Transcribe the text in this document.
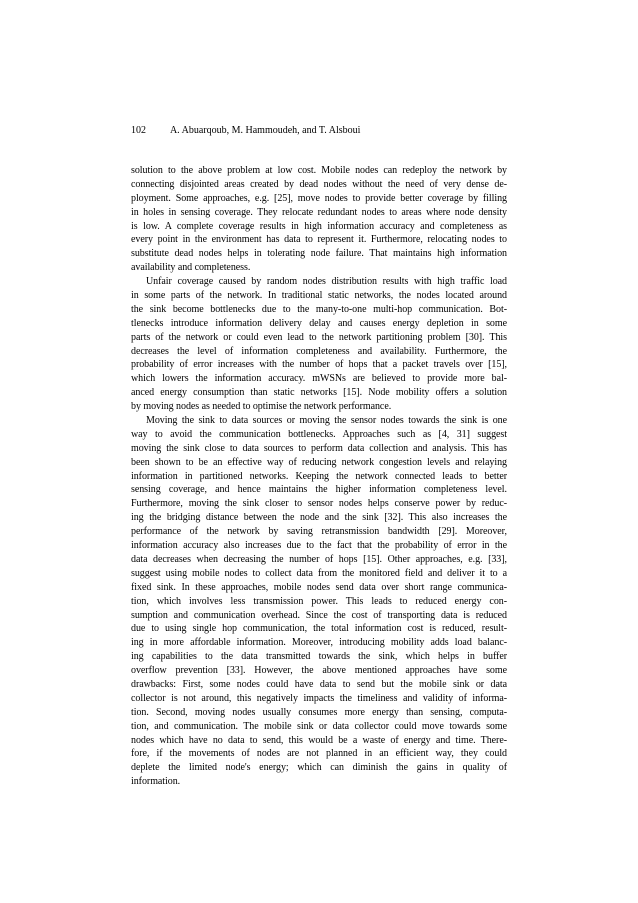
102 A. Abuarqoub, M. Hammoudeh, and T. Alsboui
solution to the above problem at low cost. Mobile nodes can redeploy the network by
connecting disjointed areas created by dead nodes without the need of very dense de-
ployment. Some approaches, e.g. [25], move nodes to provide better coverage by filling
in holes in sensing coverage. They relocate redundant nodes to areas where node density
is low. A complete coverage results in high information accuracy and completeness as
every point in the environment has data to represent it. Furthermore, relocating nodes to
substitute dead nodes helps in tolerating node failure. That maintains high information
availability and completeness.
Unfair coverage caused by random nodes distribution results with high traffic load
in some parts of the network. In traditional static networks, the nodes located around
the sink become bottlenecks due to the many-to-one multi-hop communication. Bot-
tlenecks introduce information delivery delay and causes energy depletion in some
parts of the network or could even lead to the network partitioning problem [30]. This
decreases the level of information completeness and availability. Furthermore, the
probability of error increases with the number of hops that a packet travels over [15],
which lowers the information accuracy. mWSNs are believed to provide more bal-
anced energy consumption than static networks [15]. Node mobility offers a solution
by moving nodes as needed to optimise the network performance.
Moving the sink to data sources or moving the sensor nodes towards the sink is one
way to avoid the communication bottlenecks. Approaches such as [4, 31] suggest
moving the sink close to data sources to perform data collection and analysis. This has
been shown to be an effective way of reducing network congestion levels and relaying
information in partitioned networks. Keeping the network connected leads to better
sensing coverage, and hence maintains the higher information completeness level.
Furthermore, moving the sink closer to sensor nodes helps conserve power by reduc-
ing the bridging distance between the node and the sink [32]. This also increases the
performance of the network by saving retransmission bandwidth [29]. Moreover,
information accuracy also increases due to the fact that the probability of error in the
data decreases when decreasing the number of hops [15]. Other approaches, e.g. [33],
suggest using mobile nodes to collect data from the monitored field and deliver it to a
fixed sink. In these approaches, mobile nodes send data over short range communica-
tion, which involves less transmission power. This leads to reduced energy con-
sumption and communication overhead. Since the cost of transporting data is reduced
due to using single hop communication, the total information cost is reduced, result-
ing in more affordable information. Moreover, introducing mobility adds load balanc-
ing capabilities to the data transmitted towards the sink, which helps in buffer
overflow prevention [33]. However, the above mentioned approaches have some
drawbacks: First, some nodes could have data to send but the mobile sink or data
collector is not around, this negatively impacts the timeliness and validity of informa-
tion. Second, moving nodes usually consumes more energy than sensing, computa-
tion, and communication. The mobile sink or data collector could move towards some
nodes which have no data to send, this would be a waste of energy and time. There-
fore, if the movements of nodes are not planned in an efficient way, they could
deplete the limited node's energy; which can diminish the gains in quality of
information.
